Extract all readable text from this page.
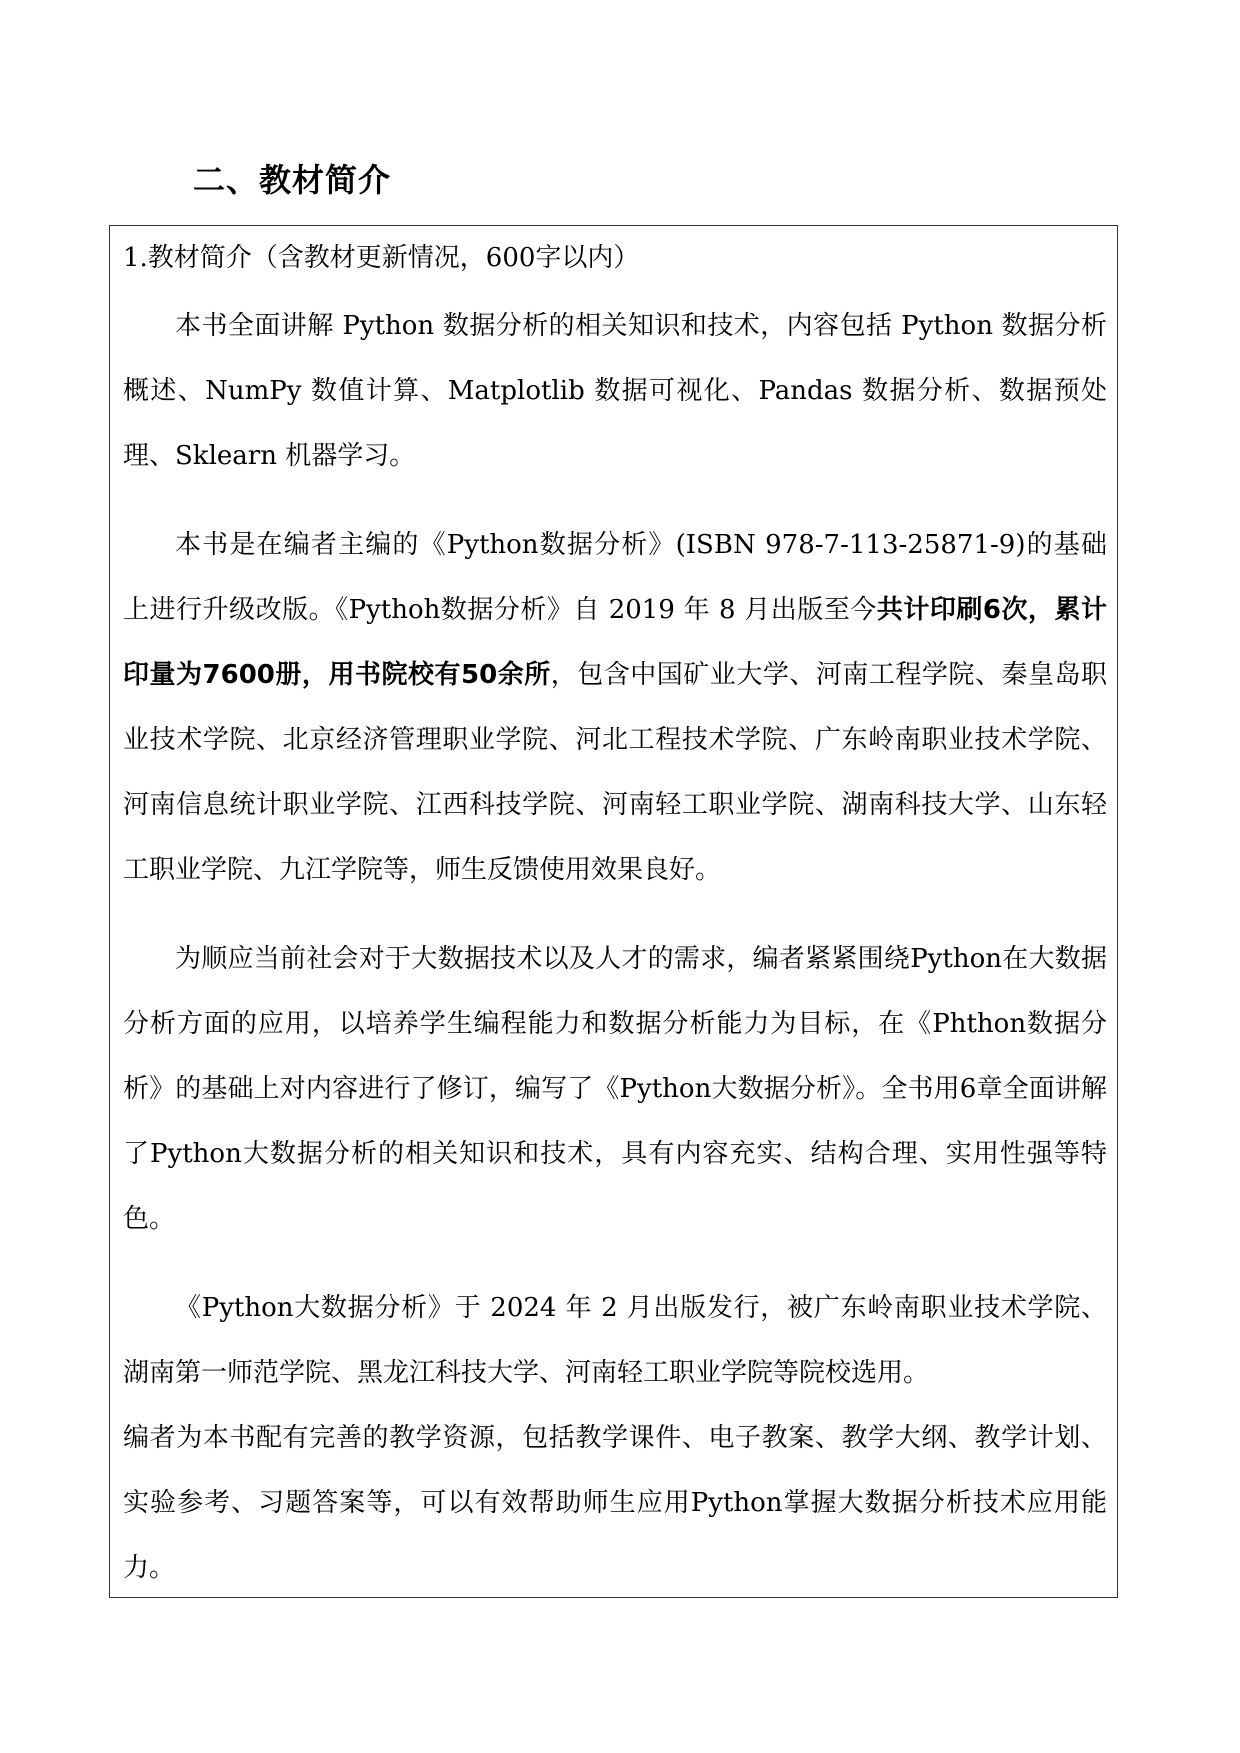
二、教材简介
1.教材简介（含教材更新情况，600字以内）

本书全面讲解 Python 数据分析的相关知识和技术，内容包括 Python 数据分析概述、NumPy 数值计算、Matplotlib 数据可视化、Pandas 数据分析、数据预处理、Sklearn 机器学习。

本书是在编者主编的《Python数据分析》(ISBN 978-7-113-25871-9)的基础上进行升级改版。《Pythoh数据分析》自 2019 年 8 月出版至今共计印刷6次，累计印量为7600册，用书院校有50余所，包含中国矿业大学、河南工程学院、秦皇岛职业技术学院、北京经济管理职业学院、河北工程技术学院、广东岭南职业技术学院、河南信息统计职业学院、江西科技学院、河南轻工职业学院、湖南科技大学、山东轻工职业学院、九江学院等，师生反馈使用效果良好。

为顺应当前社会对于大数据技术以及人才的需求，编者紧紧围绕Python在大数据分析方面的应用，以培养学生编程能力和数据分析能力为目标，在《Phthon数据分析》的基础上对内容进行了修订，编写了《Python大数据分析》。全书用6章全面讲解了Python大数据分析的相关知识和技术，具有内容充实、结构合理、实用性强等特色。

《Python大数据分析》于 2024 年 2 月出版发行，被广东岭南职业技术学院、湖南第一师范学院、黑龙江科技大学、河南轻工职业学院等院校选用。

编者为本书配有完善的教学资源，包括教学课件、电子教案、教学大纲、教学计划、实验参考、习题答案等，可以有效帮助师生应用Python掌握大数据分析技术应用能力。
